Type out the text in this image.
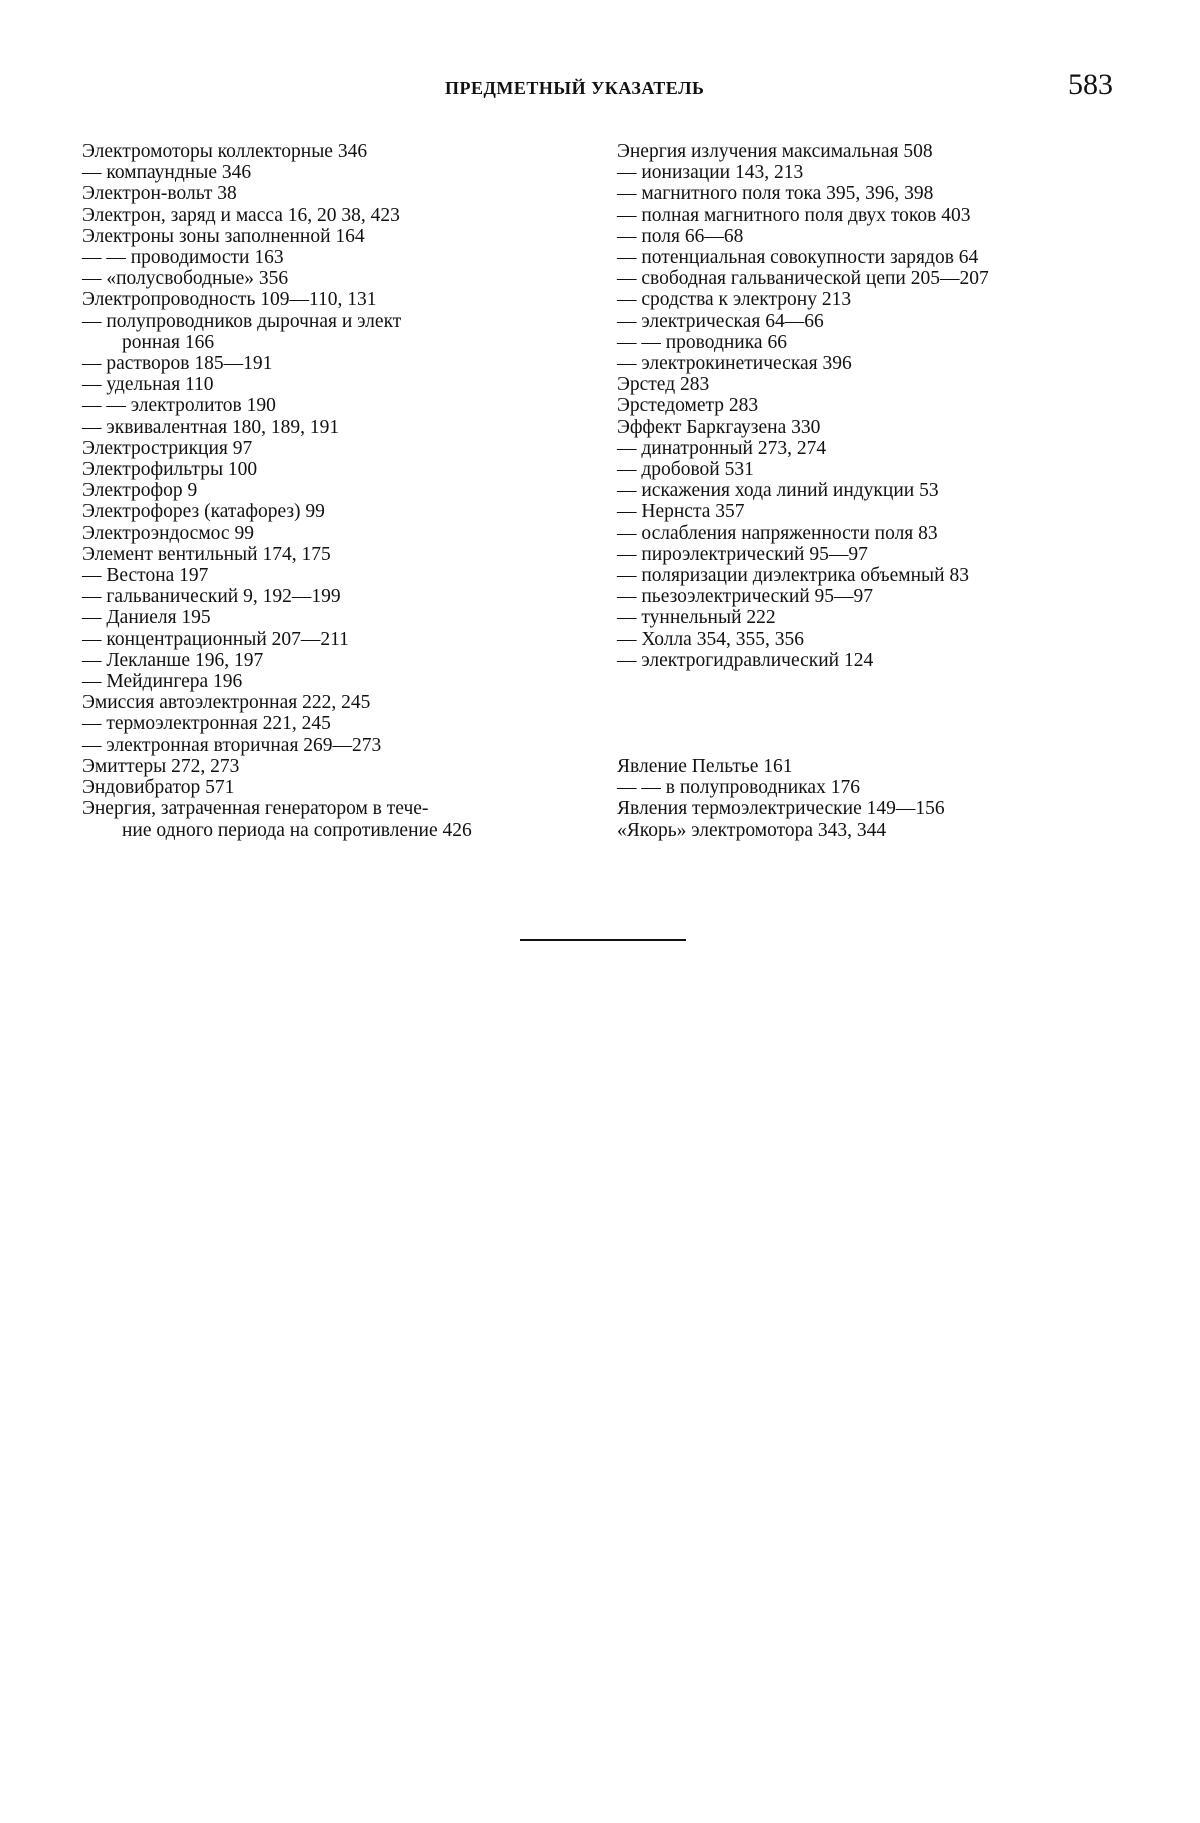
ПРЕДМЕТНЫЙ УКАЗАТЕЛЬ	583

Электромоторы коллекторные 346

— компаундные 346

Электрон-вольт 38

Электрон, заряд и масса 16, 20 38, 423

Электроны зоны заполненной 164

— — проводимости 163

— «полусвободные» 356

Электропроводность 109—110, 131

— полупроводников дырочная и элект

ронная 166

— растворов 185—191

— удельная 110

— — электролитов 190

— эквивалентная 180, 189, 191

Электрострикция 97

Электрофильтры 100

Электрофор 9

Электрофорез (катафорез) 99

Электроэндосмос 99

Элемент вентильный 174, 175

— Вестона 197

— гальванический 9, 192—199

— Даниеля 195

— концентрационный 207—211

— Лекланше 196, 197

— Мейдингера 196

Эмиссия автоэлектронная 222, 245

— термоэлектронная 221, 245

— электронная вторичная 269—273

Эмиттеры 272, 273

Эндовибратор 571

Энергия, затраченная генератором в тече-

ние одного периода на сопротивление 426

Энергия излучения максимальная 508

— ионизации 143, 213

— магнитного поля тока 395, 396, 398

— полная магнитного поля двух токов 403

— поля 66—68

— потенциальная совокупности зарядов 64

— свободная гальванической цепи 205—207

— сродства к электрону 213

— электрическая 64—66

— — проводника 66

— электрокинетическая 396

Эрстед 283

Эрстедометр 283

Эффект Баркгаузена 330

— динатронный 273, 274

— дробовой 531

— искажения хода линий индукции 53

— Нернста 357

— ослабления напряженности поля 83

— пироэлектрический 95—97

— поляризации диэлектрика объемный 83

— пьезоэлектрический 95—97

— туннельный 222

— Холла 354, 355, 356

— электрогидравлический 124

Явление Пельтье 161

— — в полупроводниках 176

Явления термоэлектрические 149—156

«Якорь» электромотора 343, 344
